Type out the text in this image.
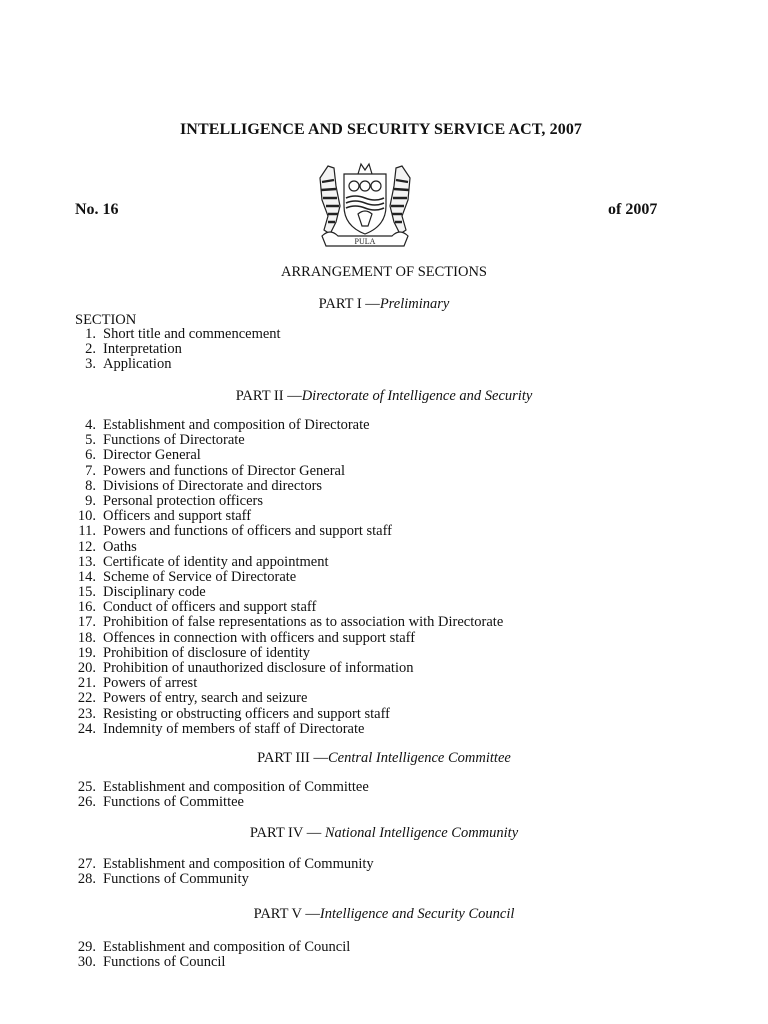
INTELLIGENCE AND SECURITY SERVICE ACT, 2007
No. 16	of 2007
PULA
ARRANGEMENT OF SECTIONS
PART I —Preliminary
SECTION
1. Short title and commencement
2. Interpretation
3. Application
PART II —Directorate of Intelligence and Security
4. Establishment and composition of Directorate
5. Functions of Directorate
6. Director General
7. Powers and functions of Director General
8. Divisions of Directorate and directors
9. Personal protection officers
10. Officers and support staff
11. Powers and functions of officers and support staff
12. Oaths
13. Certificate of identity and appointment
14. Scheme of Service of Directorate
15. Disciplinary code
16. Conduct of officers and support staff
17. Prohibition of false representations as to association with Directorate
18. Offences in connection with officers and support staff
19. Prohibition of disclosure of identity
20. Prohibition of unauthorized disclosure of information
21. Powers of arrest
22. Powers of entry, search and seizure
23. Resisting or obstructing officers and support staff
24. Indemnity of members of staff of Directorate
PART III —Central Intelligence Committee
25. Establishment and composition of Committee
26. Functions of Committee
PART IV — National Intelligence Community
27. Establishment and composition of Community
28. Functions of Community
PART V —Intelligence and Security Council
29. Establishment and composition of Council
30. Functions of Council
